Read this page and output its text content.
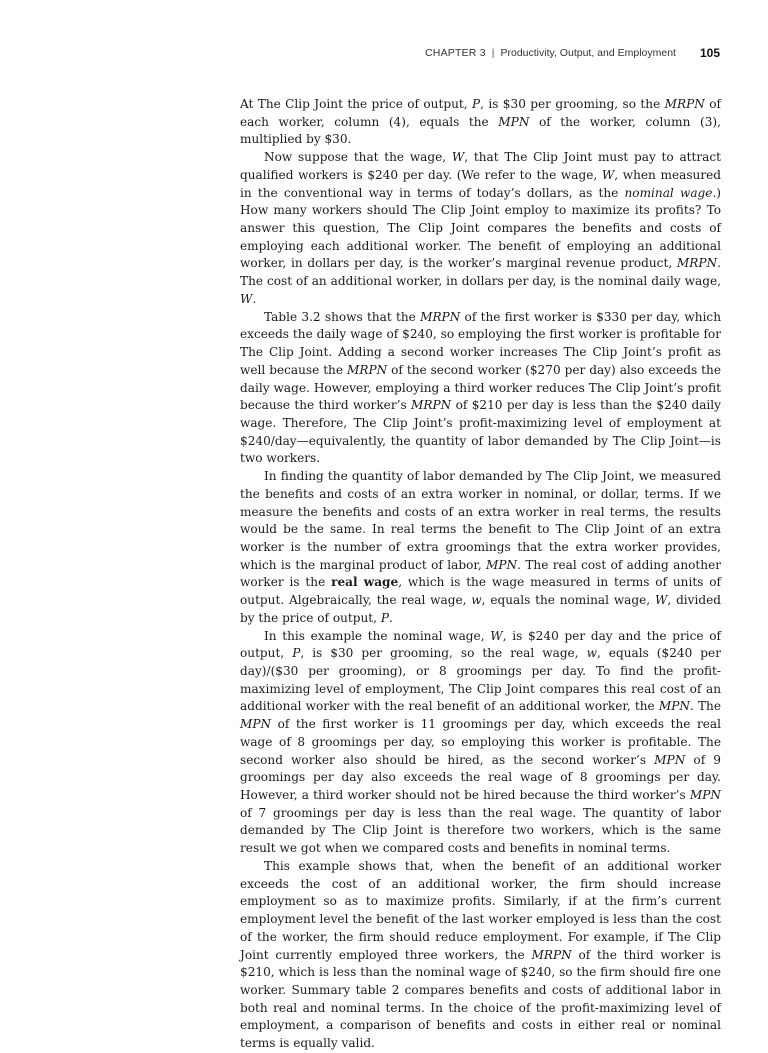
CHAPTER 3 | Productivity, Output, and Employment 105

At The Clip Joint the price of output, P, is $30 per grooming, so the MRPN of each worker, column (4), equals the MPN of the worker, column (3), multiplied by $30.

Now suppose that the wage, W, that The Clip Joint must pay to attract qualified workers is $240 per day. (We refer to the wage, W, when measured in the conventional way in terms of today’s dollars, as the nominal wage.) How many workers should The Clip Joint employ to maximize its profits? To answer this question, The Clip Joint compares the benefits and costs of employing each additional worker. The benefit of employing an additional worker, in dollars per day, is the worker’s marginal revenue product, MRPN. The cost of an additional worker, in dollars per day, is the nominal daily wage, W.

Table 3.2 shows that the MRPN of the first worker is $330 per day, which exceeds the daily wage of $240, so employing the first worker is profitable for The Clip Joint. Adding a second worker increases The Clip Joint’s profit as well because the MRPN of the second worker ($270 per day) also exceeds the daily wage. However, employing a third worker reduces The Clip Joint’s profit because the third worker’s MRPN of $210 per day is less than the $240 daily wage. Therefore, The Clip Joint’s profit-maximizing level of employment at $240/day—equivalently, the quantity of labor demanded by The Clip Joint—is two workers.

In finding the quantity of labor demanded by The Clip Joint, we measured the benefits and costs of an extra worker in nominal, or dollar, terms. If we measure the benefits and costs of an extra worker in real terms, the results would be the same. In real terms the benefit to The Clip Joint of an extra worker is the number of extra groomings that the extra worker provides, which is the marginal product of labor, MPN. The real cost of adding another worker is the real wage, which is the wage measured in terms of units of output. Algebraically, the real wage, w, equals the nominal wage, W, divided by the price of output, P.

In this example the nominal wage, W, is $240 per day and the price of output, P, is $30 per grooming, so the real wage, w, equals ($240 per day)/($30 per grooming), or 8 groomings per day. To find the profit-maximizing level of employment, The Clip Joint compares this real cost of an additional worker with the real benefit of an additional worker, the MPN. The MPN of the first worker is 11 groomings per day, which exceeds the real wage of 8 groomings per day, so employing this worker is profitable. The second worker also should be hired, as the second worker’s MPN of 9 groomings per day also exceeds the real wage of 8 groomings per day. However, a third worker should not be hired because the third worker’s MPN of 7 groomings per day is less than the real wage. The quantity of labor demanded by The Clip Joint is therefore two workers, which is the same result we got when we compared costs and benefits in nominal terms.

This example shows that, when the benefit of an additional worker exceeds the cost of an additional worker, the firm should increase employment so as to maximize profits. Similarly, if at the firm’s current employment level the benefit of the last worker employed is less than the cost of the worker, the firm should reduce employment. For example, if The Clip Joint currently employed three workers, the MRPN of the third worker is $210, which is less than the nominal wage of $240, so the firm should fire one worker. Summary table 2 compares benefits and costs of additional labor in both real and nominal terms. In the choice of the profit-maximizing level of employment, a comparison of benefits and costs in either real or nominal terms is equally valid.
